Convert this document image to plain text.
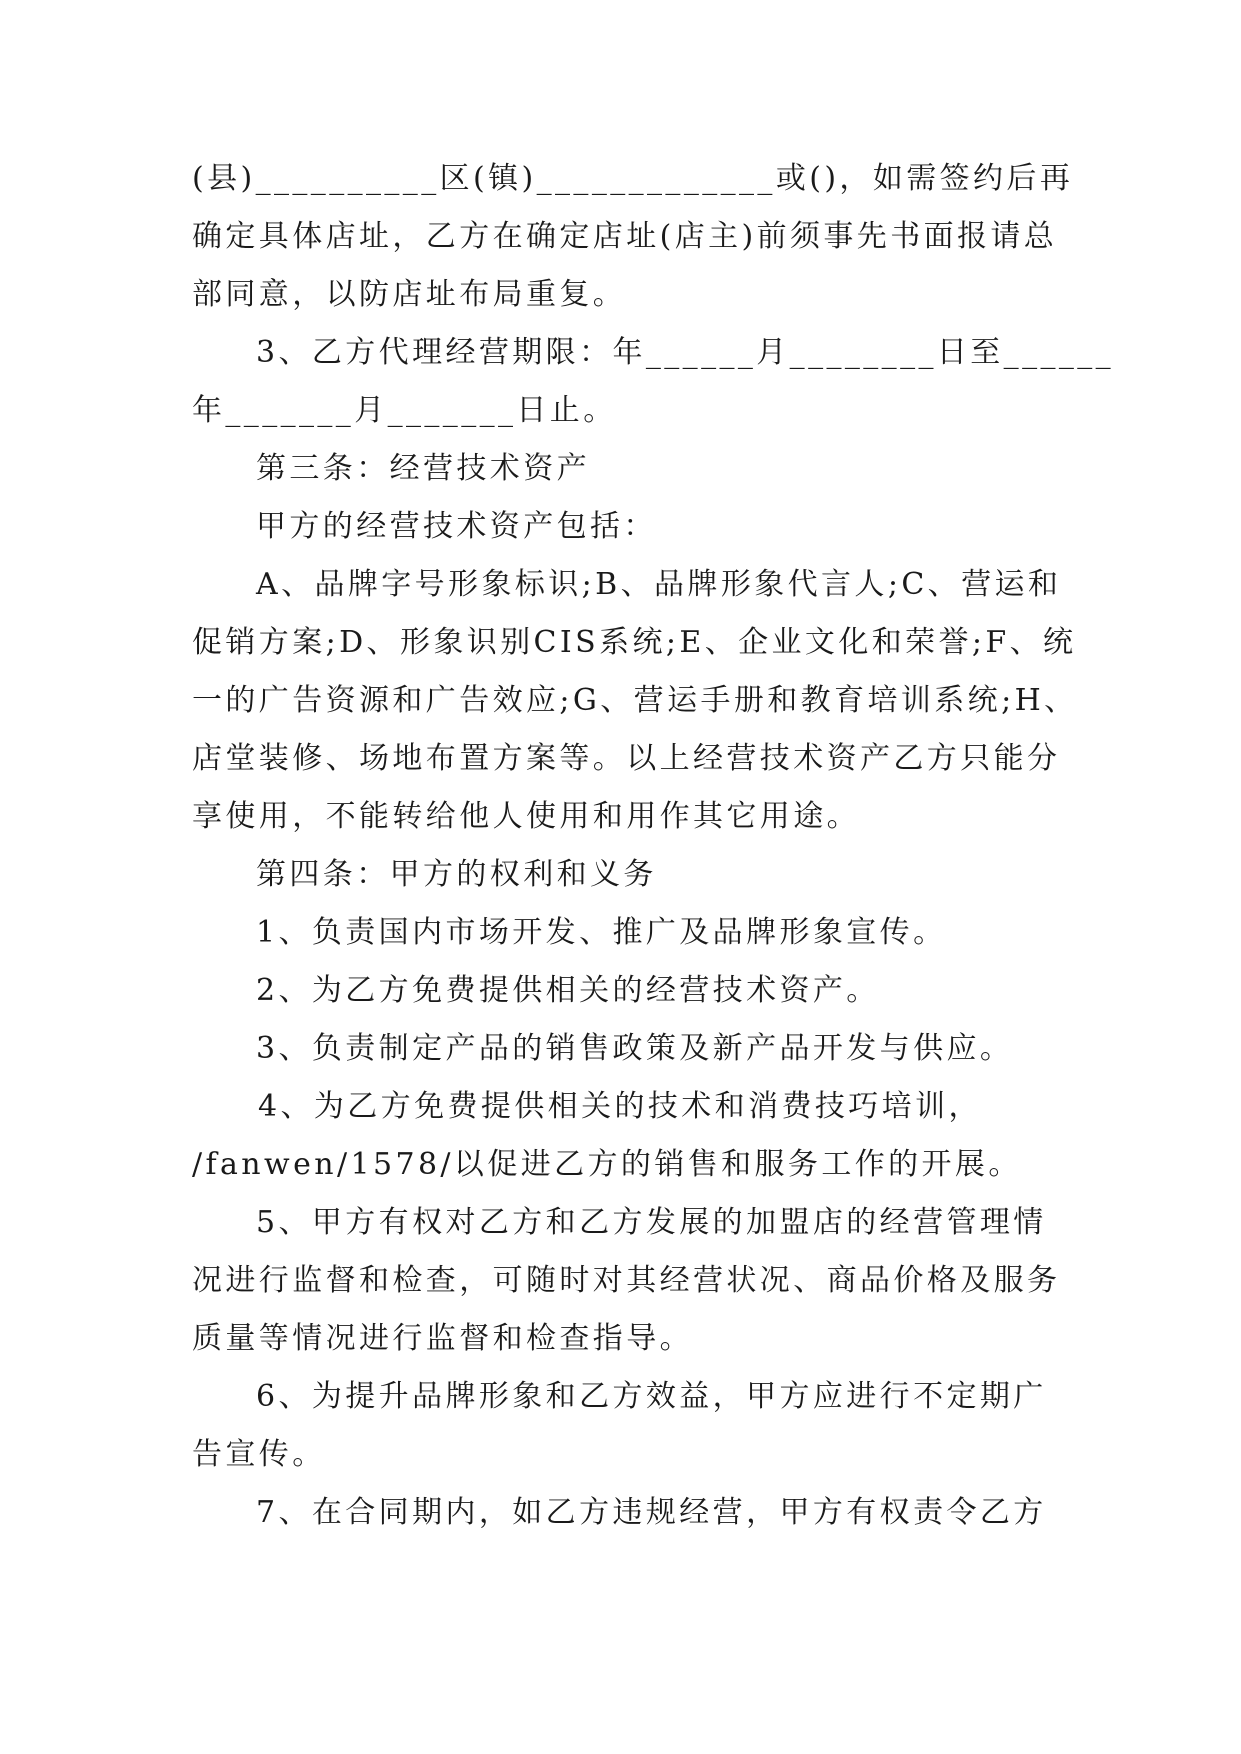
(县)__________区(镇)_____________或()，如需签约后再
确定具体店址，乙方在确定店址(店主)前须事先书面报请总
部同意，以防店址布局重复。
3、乙方代理经营期限：年______月________日至______
年_______月_______日止。
第三条：经营技术资产
甲方的经营技术资产包括：
A、品牌字号形象标识;B、品牌形象代言人;C、营运和
促销方案;D、形象识别CIS系统;E、企业文化和荣誉;F、统
一的广告资源和广告效应;G、营运手册和教育培训系统;H、
店堂装修、场地布置方案等。以上经营技术资产乙方只能分
享使用，不能转给他人使用和用作其它用途。
第四条：甲方的权利和义务
1、负责国内市场开发、推广及品牌形象宣传。
2、为乙方免费提供相关的经营技术资产。
3、负责制定产品的销售政策及新产品开发与供应。
4、为乙方免费提供相关的技术和消费技巧培训，
/fanwen/1578/以促进乙方的销售和服务工作的开展。
5、甲方有权对乙方和乙方发展的加盟店的经营管理情
况进行监督和检查，可随时对其经营状况、商品价格及服务
质量等情况进行监督和检查指导。
6、为提升品牌形象和乙方效益，甲方应进行不定期广
告宣传。
7、在合同期内，如乙方违规经营，甲方有权责令乙方
